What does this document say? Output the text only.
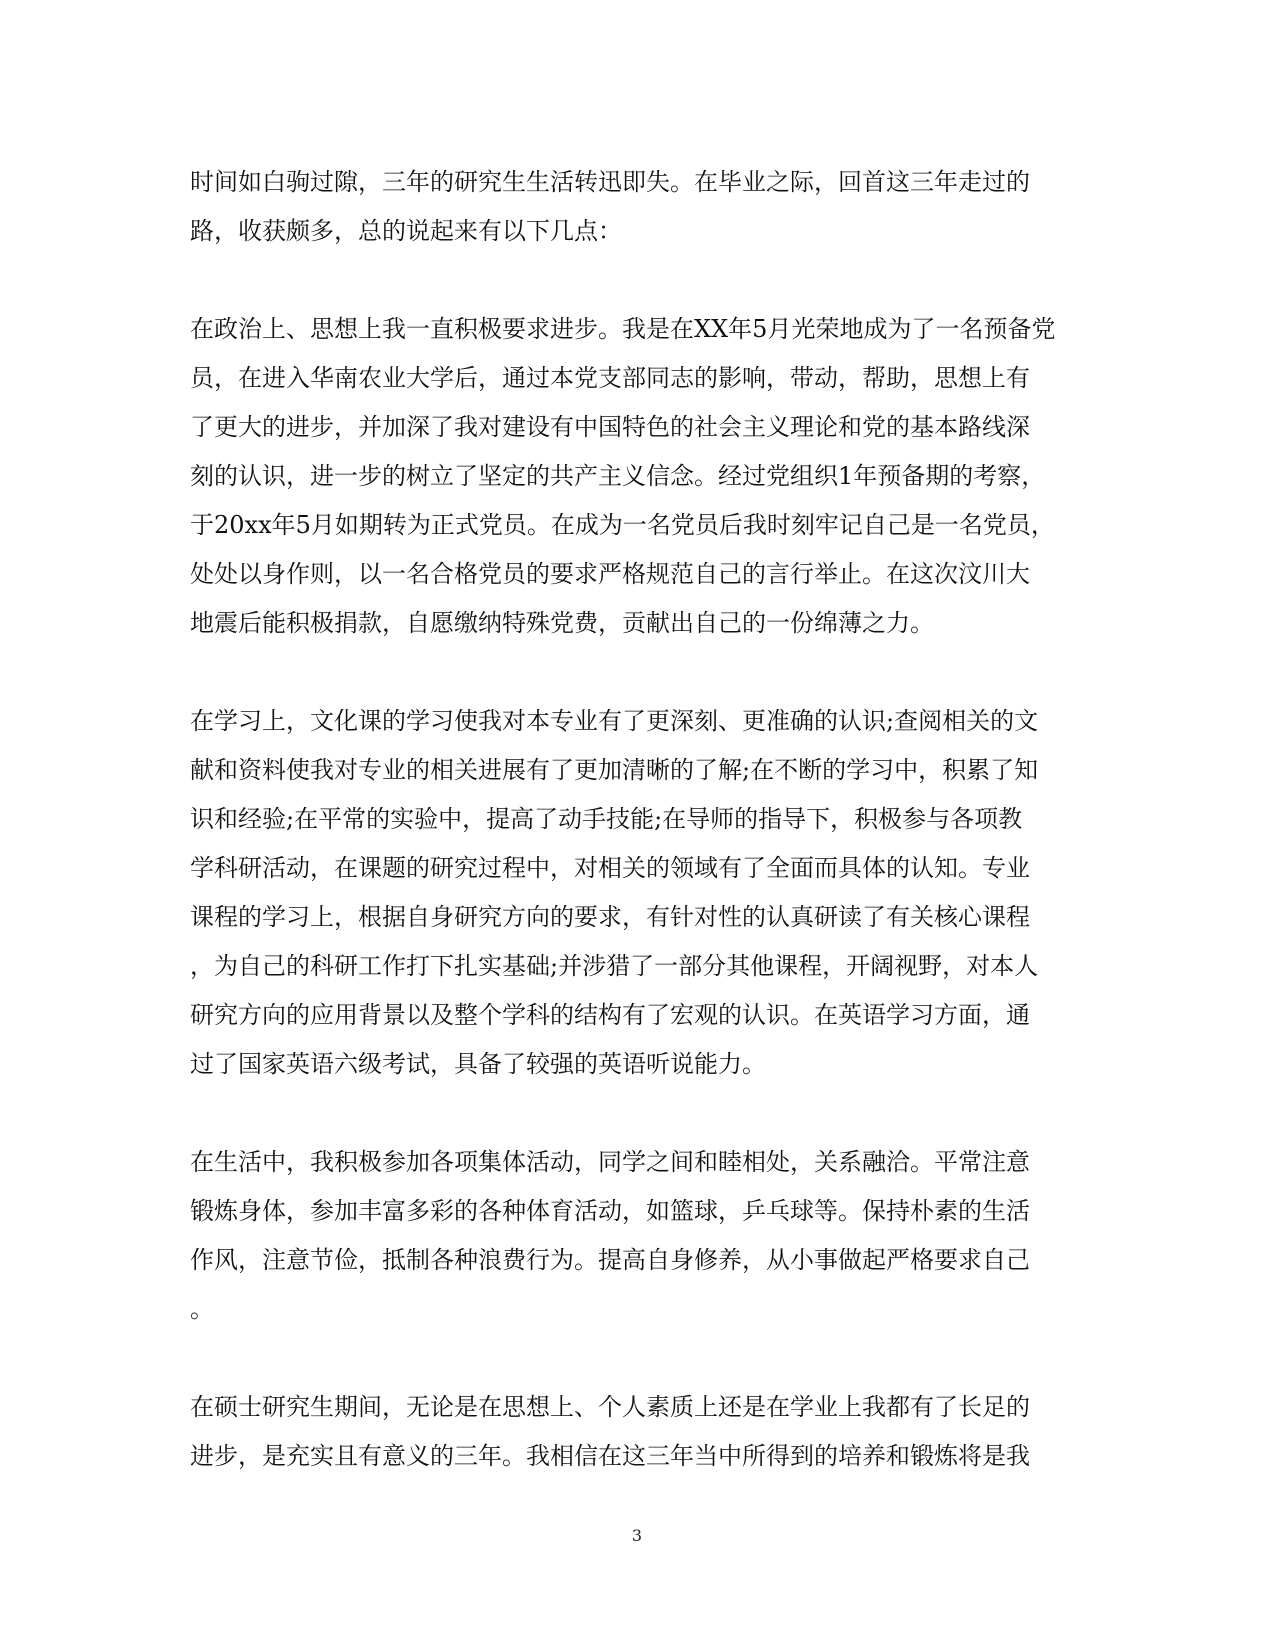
时间如白驹过隙，三年的研究生生活转迅即失。在毕业之际，回首这三年走过的
路，收获颇多，总的说起来有以下几点：

在政治上、思想上我一直积极要求进步。我是在XX年5月光荣地成为了一名预备党
员，在进入华南农业大学后，通过本党支部同志的影响，带动，帮助，思想上有
了更大的进步，并加深了我对建设有中国特色的社会主义理论和党的基本路线深
刻的认识，进一步的树立了坚定的共产主义信念。经过党组织1年预备期的考察，
于20xx年5月如期转为正式党员。在成为一名党员后我时刻牢记自己是一名党员，
处处以身作则，以一名合格党员的要求严格规范自己的言行举止。在这次汶川大
地震后能积极捐款，自愿缴纳特殊党费，贡献出自己的一份绵薄之力。

在学习上，文化课的学习使我对本专业有了更深刻、更准确的认识;查阅相关的文
献和资料使我对专业的相关进展有了更加清晰的了解;在不断的学习中，积累了知
识和经验;在平常的实验中，提高了动手技能;在导师的指导下，积极参与各项教
学科研活动，在课题的研究过程中，对相关的领域有了全面而具体的认知。专业
课程的学习上，根据自身研究方向的要求，有针对性的认真研读了有关核心课程
，为自己的科研工作打下扎实基础;并涉猎了一部分其他课程，开阔视野，对本人
研究方向的应用背景以及整个学科的结构有了宏观的认识。在英语学习方面，通
过了国家英语六级考试，具备了较强的英语听说能力。

在生活中，我积极参加各项集体活动，同学之间和睦相处，关系融洽。平常注意
锻炼身体，参加丰富多彩的各种体育活动，如篮球，乒乓球等。保持朴素的生活
作风，注意节俭，抵制各种浪费行为。提高自身修养，从小事做起严格要求自己
。

在硕士研究生期间，无论是在思想上、个人素质上还是在学业上我都有了长足的
进步，是充实且有意义的三年。我相信在这三年当中所得到的培养和锻炼将是我

3
